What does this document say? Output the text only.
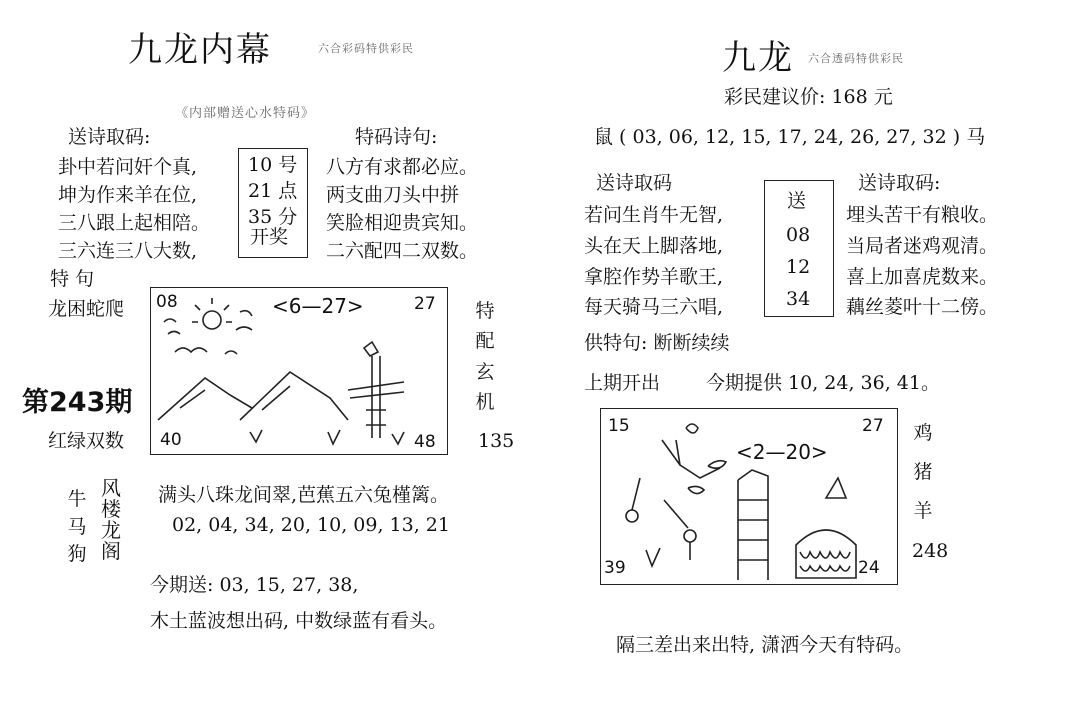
九龙内幕	六合彩码特供彩民
《内部赠送心水特码》
送诗取码:	特码诗句:
卦中若问奸个真,
坤为作来羊在位,
三八跟上起相陪。
三六连三八大数,
10 号
21 点
35 分
开奖
八方有求都必应。
两支曲刀头中拼
笑脸相迎贵宾知。
二六配四二双数。
特 句
龙困蛇爬
第243期
红绿双数
08	<6—27>	27
40	48
特
配
玄
机
135
牛
马
狗
风
楼
龙
阁
满头八珠龙间翠,芭蕉五六兔槿篱。
02, 04, 34, 20, 10, 09, 13, 21
今期送: 03, 15, 27, 38,
木土蓝波想出码, 中数绿蓝有看头。
九龙 六合透码特供彩民
彩民建议价: 168 元
鼠 ( 03, 06, 12, 15, 17, 24, 26, 27, 32 ) 马
送诗取码	送诗取码:
若问生肖牛无智,
头在天上脚落地,
拿腔作势羊歌王,
每天骑马三六唱,
送
08
12
34
埋头苦干有粮收。
当局者迷鸡观清。
喜上加喜虎数来。
藕丝菱叶十二傍。
供特句: 断断续续
上期开出 今期提供 10, 24, 36, 41。
15
<2—20>
27
39	24
鸡
猪
羊
248
隔三差出来出特, 潇洒今天有特码。
